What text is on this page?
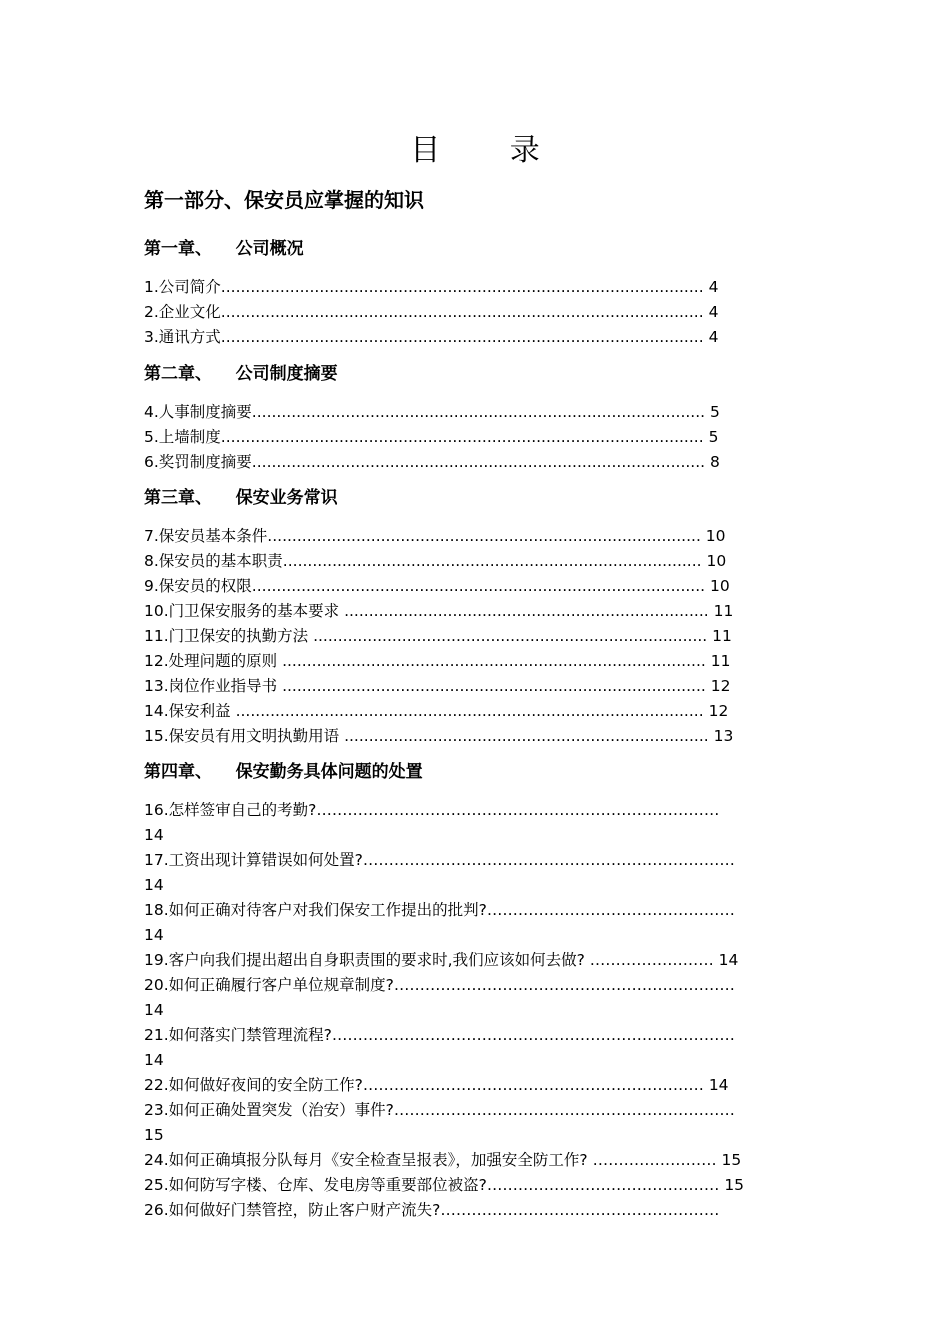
目 录
第一部分、保安员应掌握的知识
第一章、    公司概况
1.公司简介.................................................................................................. 4
2.企业文化.................................................................................................. 4
3.通讯方式.................................................................................................. 4
第二章、    公司制度摘要
4.人事制度摘要............................................................................................ 5
5.上墙制度.................................................................................................. 5
6.奖罚制度摘要............................................................................................ 8
第三章、    保安业务常识
7.保安员基本条件........................................................................................ 10
8.保安员的基本职责..................................................................................... 10
9.保安员的权限............................................................................................ 10
10.门卫保安服务的基本要求 .......................................................................... 11
11.门卫保安的执勤方法 ................................................................................ 11
12.处理问题的原则 ...................................................................................... 11
13.岗位作业指导书 ...................................................................................... 12
14.保安利益 ............................................................................................... 12
15.保安员有用文明执勤用语 .......................................................................... 13
第四章、    保安勤务具体问题的处置
16.怎样签审自己的考勤?……………………………………………………………………
14
17.工资出现计算错误如何处置?………………………………………………………………
14
18.如何正确对待客户对我们保安工作提出的批判?…………………………………………
14
19.客户向我们提出超出自身职责围的要求时,我们应该如何去做? …………………… 14
20.如何正确履行客户单位规章制度?…………………………………………………………
14
21.如何落实门禁管理流程?……………………………………………………………………
14
22.如何做好夜间的安全防工作?………………………………………………………… 14
23.如何正确处置突发（治安）事件?…………………………………………………………
15
24.如何正确填报分队每月《安全检查呈报表》，加强安全防工作? …………………… 15
25.如何防写字楼、仓库、发电房等重要部位被盗?……………………………………… 15
26.如何做好门禁管控，防止客户财产流失?………………………………………………
